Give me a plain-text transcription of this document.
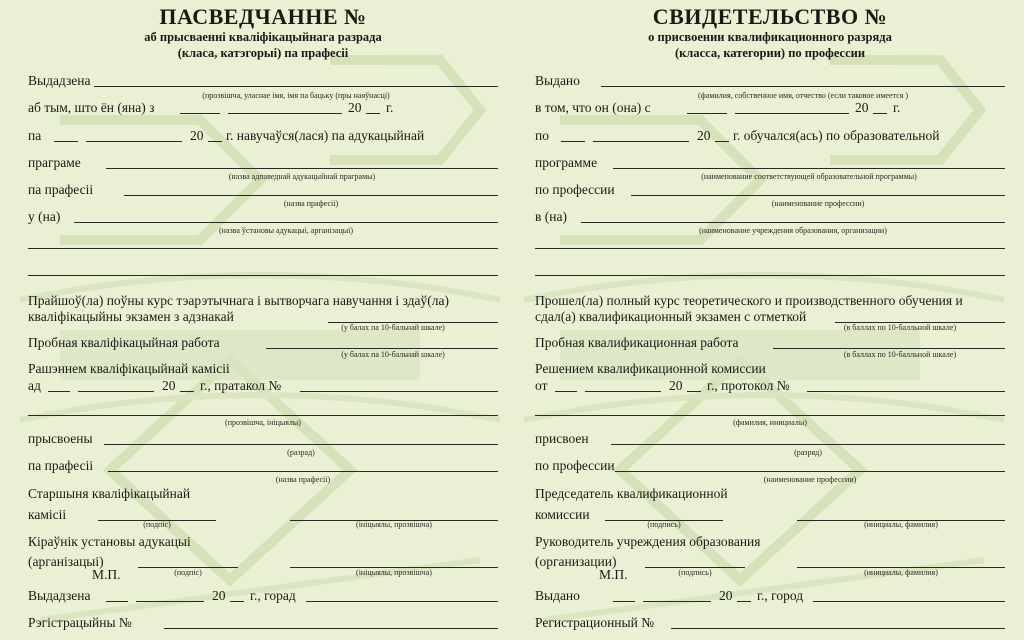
ПАСВЕДЧАННЕ №
аб прысваенні кваліфікацыйнага разрада
(класа, катэгорыі) па прафесіі
Выдадзена
(прозвішча, уласнае імя, імя па бацьку (пры наяўнасці)
аб тым, што ён (яна) з	20 г.
па	20 г. навучаўся(лася) па адукацыйнай
праграме
(назва адпаведнай адукацыйнай праграмы)
па прафесіі
(назва прафесіі)
у (на)
(назва ўстановы адукацыі, арганізацыі)
Прайшоў(ла) поўны курс тэарэтычнага і вытворчага навучання і здаў(ла)
кваліфікацыйны экзамен з адзнакай
(у балах па 10-бальнай шкале)
Пробная кваліфікацыйная работа
(у балах па 10-бальнай шкале)
Рашэннем кваліфікацыйнай камісіі
ад	20 г., пратакол №
(прозвішча, ініцыялы)
прысвоены
(разрад)
па прафесіі
(назва прафесіі)
Старшыня кваліфікацыйнай
камісіі
(подпіс)	(ініцыялы, прозвішча)
Кіраўнік установы адукацыі
(арганізацыі)
М.П.	(подпіс)	(ініцыялы, прозвішча)
Выдадзена	20 г., горад
Рэгістрацыйны №
СВИДЕТЕЛЬСТВО №
о присвоении квалификационного разряда
(класса, категории) по профессии
Выдано
(фамилия, собственное имя, отчество (если таковое имеется )
в том, что он (она) с	20 г.
по	20 г. обучался(ась) по образовательной
программе
(наименование соответствующей образовательной программы)
по профессии
(наименование профессии)
в (на)
(наименование учреждения образования, организации)
Прошел(ла) полный курс теоретического и производственного обучения и
сдал(а) квалификационный экзамен с отметкой
(в баллах по 10-балльной шкале)
Пробная квалификационная работа
(в баллах по 10-балльной шкале)
Решением квалификационной комиссии
от	20 г., протокол №
(фамилия, инициалы)
присвоен
(разряд)
по профессии
(наименование профессии)
Председатель квалификационной
комиссии
(подпись)	(инициалы, фамилия)
Руководитель учреждения образования
(организации)
М.П.	(подпись)	(инициалы, фамилия)
Выдано	20 г., город
Регистрационный №
